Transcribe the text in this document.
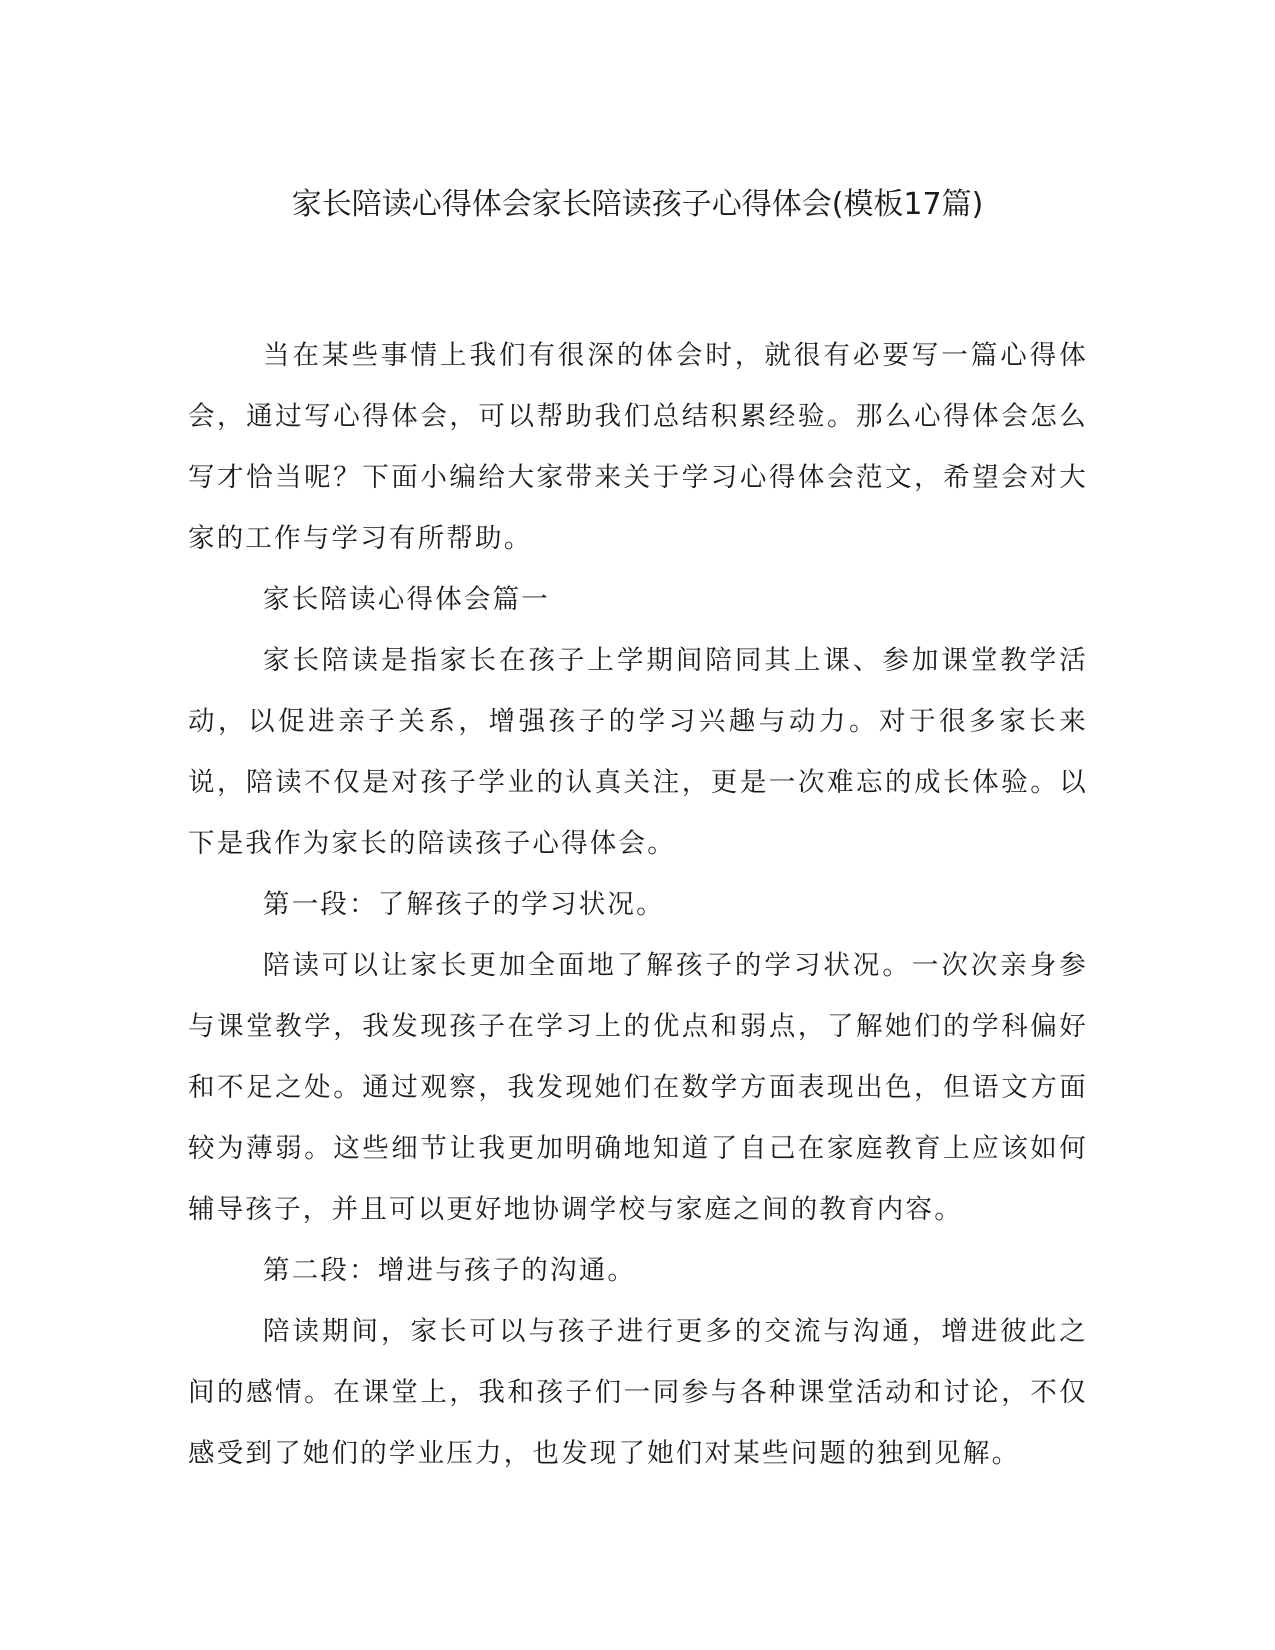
家长陪读心得体会家长陪读孩子心得体会(模板17篇)

当在某些事情上我们有很深的体会时，就很有必要写一篇心得体会，通过写心得体会，可以帮助我们总结积累经验。那么心得体会怎么写才恰当呢？下面小编给大家带来关于学习心得体会范文，希望会对大家的工作与学习有所帮助。

家长陪读心得体会篇一

家长陪读是指家长在孩子上学期间陪同其上课、参加课堂教学活动，以促进亲子关系，增强孩子的学习兴趣与动力。对于很多家长来说，陪读不仅是对孩子学业的认真关注，更是一次难忘的成长体验。以下是我作为家长的陪读孩子心得体会。

第一段：了解孩子的学习状况。

陪读可以让家长更加全面地了解孩子的学习状况。一次次亲身参与课堂教学，我发现孩子在学习上的优点和弱点，了解她们的学科偏好和不足之处。通过观察，我发现她们在数学方面表现出色，但语文方面较为薄弱。这些细节让我更加明确地知道了自己在家庭教育上应该如何辅导孩子，并且可以更好地协调学校与家庭之间的教育内容。

第二段：增进与孩子的沟通。

陪读期间，家长可以与孩子进行更多的交流与沟通，增进彼此之间的感情。在课堂上，我和孩子们一同参与各种课堂活动和讨论，不仅感受到了她们的学业压力，也发现了她们对某些问题的独到见解。
